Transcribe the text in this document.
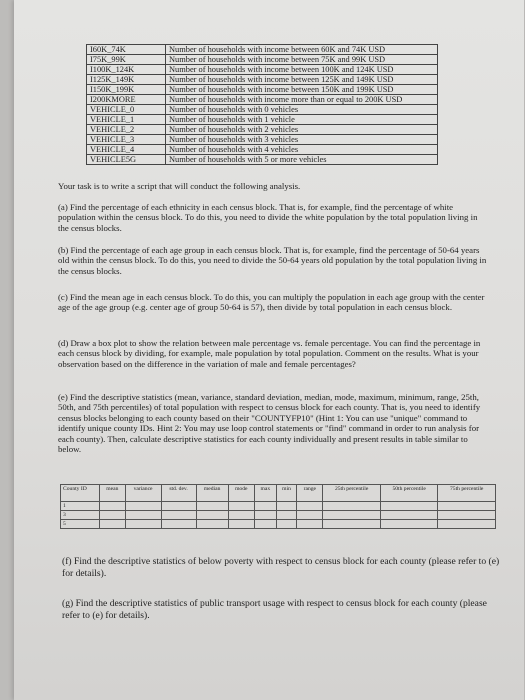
I60K_74K	Number of households with income between 60K and 74K USD
I75K_99K	Number of households with income between 75K and 99K USD
I100K_124K	Number of households with income between 100K and 124K USD
I125K_149K	Number of households with income between 125K and 149K USD
I150K_199K	Number of households with income between 150K and 199K USD
I200KMORE	Number of households with income more than or equal to 200K USD
VEHICLE_0	Number of households with 0 vehicles
VEHICLE_1	Number of households with 1 vehicle
VEHICLE_2	Number of households with 2 vehicles
VEHICLE_3	Number of households with 3 vehicles
VEHICLE_4	Number of households with 4 vehicles
VEHICLE5G	Number of households with 5 or more vehicles
Your task is to write a script that will conduct the following analysis.
(a) Find the percentage of each ethnicity in each census block. That is, for example, find the percentage of white population within the census block. To do this, you need to divide the white population by the total population living in the census blocks.
(b) Find the percentage of each age group in each census block. That is, for example, find the percentage of 50-64 years old within the census block. To do this, you need to divide the 50-64 years old population by the total population living in the census blocks.
(c) Find the mean age in each census block. To do this, you can multiply the population in each age group with the center age of the age group (e.g. center age of group 50-64 is 57), then divide by total population in each census block.
(d) Draw a box plot to show the relation between male percentage vs. female percentage. You can find the percentage in each census block by dividing, for example, male population by total population. Comment on the results. What is your observation based on the difference in the variation of male and female percentages?
(e) Find the descriptive statistics (mean, variance, standard deviation, median, mode, maximum, minimum, range, 25th, 50th, and 75th percentiles) of total population with respect to census block for each county. That is, you need to identify census blocks belonging to each county based on their "COUNTYFP10" (Hint 1: You can use "unique" command to identify unique county IDs. Hint 2: You may use loop control statements or "find" command in order to run analysis for each county). Then, calculate descriptive statistics for each county individually and present results in table similar to below.
County ID	mean	variance	std. dev.	median	mode	max	min	range	25th percentile	50th percentile	75th percentile
1											
3											
5											
(f) Find the descriptive statistics of below poverty with respect to census block for each county (please refer to (e) for details).
(g) Find the descriptive statistics of public transport usage with respect to census block for each county (please refer to (e) for details).
